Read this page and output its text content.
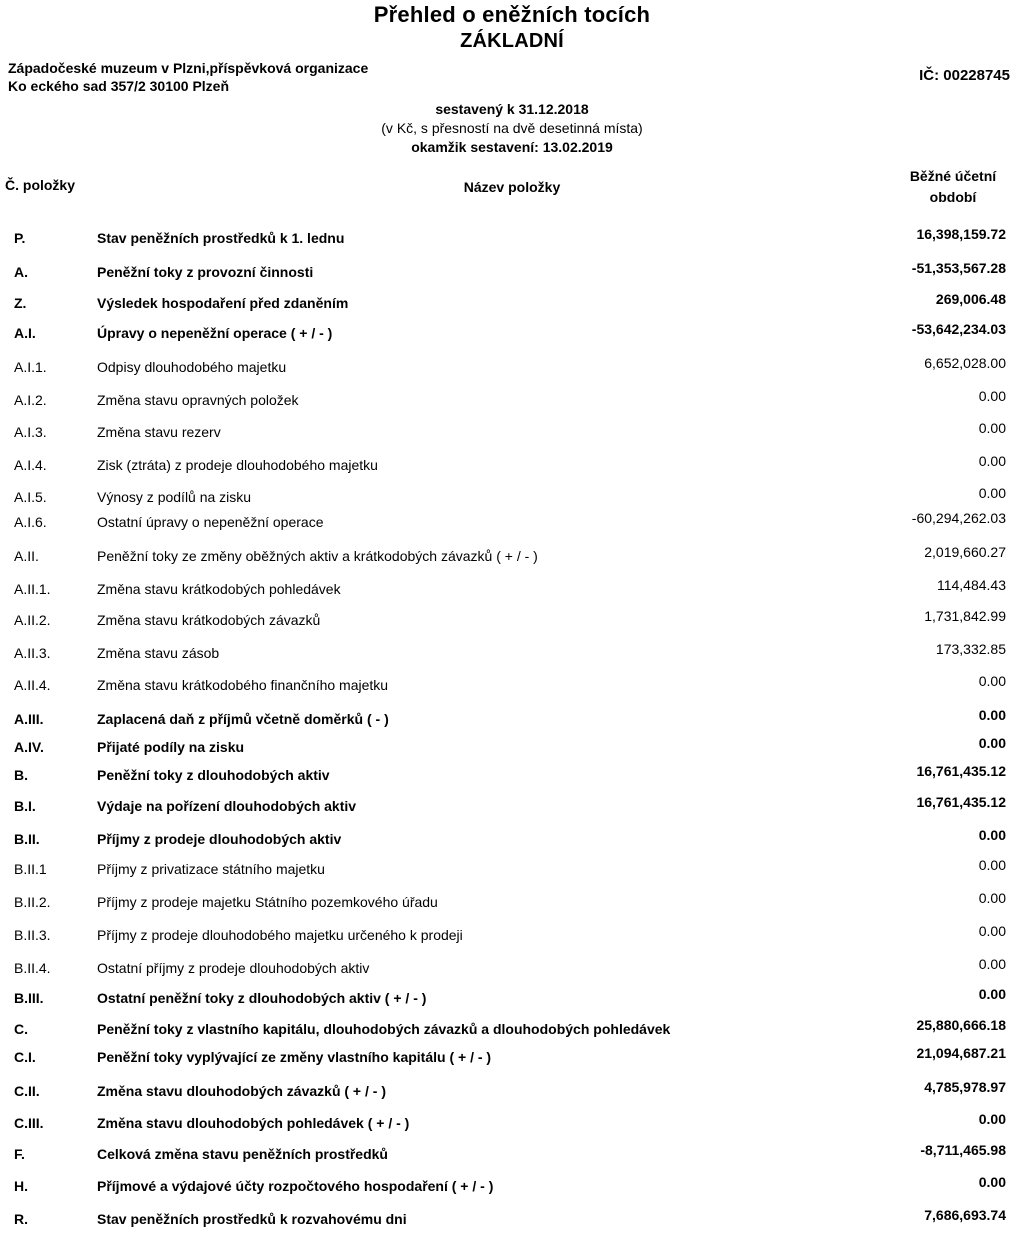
Přehled o eněžních tocích
ZÁKLADNÍ
Západočeské muzeum v Plzni,příspěvková organizace
Ko eckého sad 357/2 30100 Plzeň
IČ: 00228745
sestavený k 31.12.2018
(v Kč, s přesností na dvě desetinná místa)
okamžik sestavení: 13.02.2019
Č. položky	Název položky
Běžné účetní
období
P.	Stav peněžních prostředků k 1. lednu	16,398,159.72
A.	Peněžní toky z provozní činnosti	-51,353,567.28
Z.	Výsledek hospodaření před zdaněním	269,006.48
A.I.	Úpravy o nepeněžní operace ( + / - )	-53,642,234.03
A.I.1.	Odpisy dlouhodobého majetku	6,652,028.00
A.I.2.	Změna stavu opravných položek	0.00
A.I.3.	Změna stavu rezerv	0.00
A.I.4.	Zisk (ztráta) z prodeje dlouhodobého majetku	0.00
A.I.5.	Výnosy z podílů na zisku	0.00
A.I.6.	Ostatní úpravy o nepeněžní operace	-60,294,262.03
A.II.	Peněžní toky ze změny oběžných aktiv a krátkodobých závazků ( + / - )	2,019,660.27
A.II.1.	Změna stavu krátkodobých pohledávek	114,484.43
A.II.2.	Změna stavu krátkodobých závazků	1,731,842.99
A.II.3.	Změna stavu zásob	173,332.85
A.II.4.	Změna stavu krátkodobého finančního majetku	0.00
A.III.	Zaplacená daň z příjmů včetně doměrků ( - )	0.00
A.IV.	Přijaté podíly na zisku	0.00
B.	Peněžní toky z dlouhodobých aktiv	16,761,435.12
B.I.	Výdaje na pořízení dlouhodobých aktiv	16,761,435.12
B.II.	Příjmy z prodeje dlouhodobých aktiv	0.00
B.II.1	Příjmy z privatizace státního majetku	0.00
B.II.2.	Příjmy z prodeje majetku Státního pozemkového úřadu	0.00
B.II.3.	Příjmy z prodeje dlouhodobého majetku určeného k prodeji	0.00
B.II.4.	Ostatní příjmy z prodeje dlouhodobých aktiv	0.00
B.III.	Ostatní peněžní toky z dlouhodobých aktiv ( + / - )	0.00
C.	Peněžní toky z vlastního kapitálu, dlouhodobých závazků a dlouhodobých pohledávek	25,880,666.18
C.I.	Peněžní toky vyplývající ze změny vlastního kapitálu ( + / - )	21,094,687.21
C.II.	Změna stavu dlouhodobých závazků ( + / - )	4,785,978.97
C.III.	Změna stavu dlouhodobých pohledávek ( + / - )	0.00
F.	Celková změna stavu peněžních prostředků	-8,711,465.98
H.	Příjmové a výdajové účty rozpočtového hospodaření ( + / - )	0.00
R.	Stav peněžních prostředků k rozvahovému dni	7,686,693.74
